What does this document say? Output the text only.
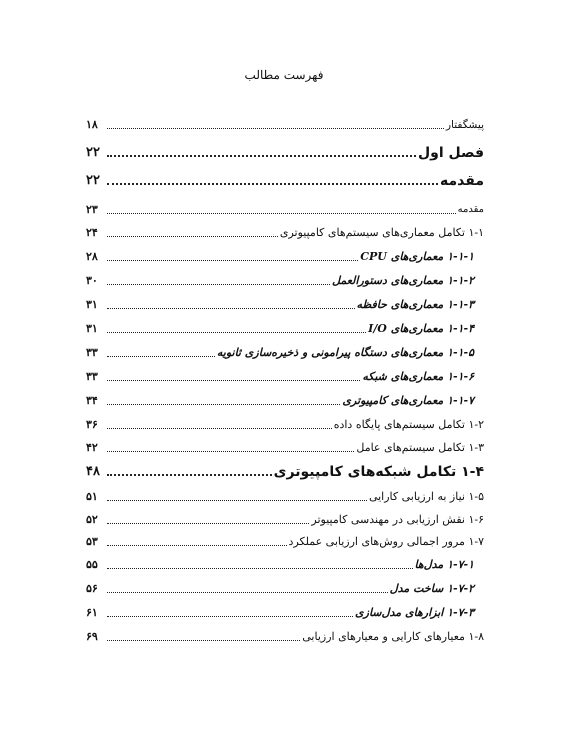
فهرست مطالب
پیشگفتار
۱۸
فصل اول
۲۲
مقدمه
۲۲
مقدمه
۲۳
۱-۱ تکامل معماری‌های سیستم‌های کامپیوتری
۲۴
۱-۱-۱ معماری‌های CPU
۲۸
۱-۱-۲ معماری‌های دستورالعمل
۳۰
۱-۱-۳ معماری‌های حافظه
۳۱
۱-۱-۴ معماری‌های I/O
۳۱
۱-۱-۵ معماری‌های دستگاه پیرامونی و ذخیره‌سازی ثانویه
۳۳
۱-۱-۶ معماری‌های شبکه
۳۳
۱-۱-۷ معماری‌های کامپیوتری
۳۴
۱-۲ تکامل سیستم‌های پایگاه داده
۳۶
۱-۳ تکامل سیستم‌های عامل
۴۲
۱-۴ تکامل شبکه‌های کامپیوتری
۴۸
۱-۵ نیاز به ارزیابی کارایی
۵۱
۱-۶ نقش ارزیابی در مهندسی کامپیوتر
۵۲
۱-۷ مرور اجمالی روش‌های ارزیابی عملکرد
۵۳
۱-۷-۱ مدل‌ها
۵۵
۱-۷-۲ ساخت مدل
۵۶
۱-۷-۳ ابزارهای مدل‌سازی
۶۱
۱-۸ معیارهای کارایی و معیارهای ارزیابی
۶۹
